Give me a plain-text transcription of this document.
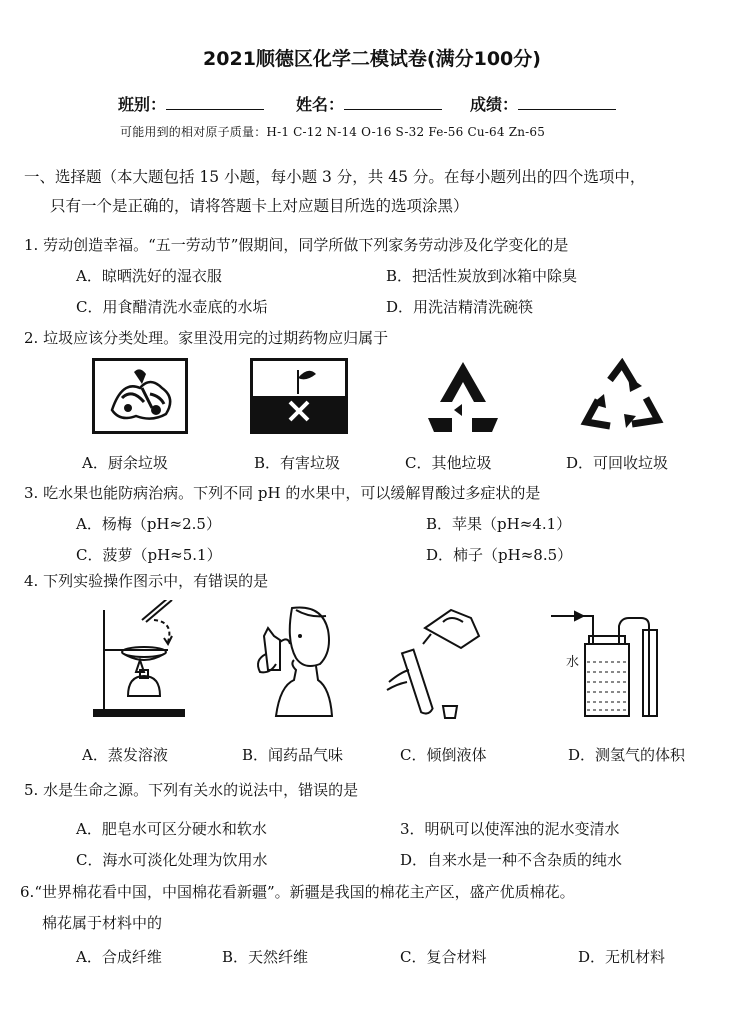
2021顺德区化学二模试卷(满分100分)
班别：	姓名：	成绩：
可能用到的相对原子质量：H-1 C-12 N-14 O-16 S-32 Fe-56 Cu-64 Zn-65
一、选择题（本大题包括 15 小题，每小题 3 分，共 45 分。在每小题列出的四个选项中，
只有一个是正确的，请将答题卡上对应题目所选的选项涂黑）
1. 劳动创造幸福。“五一劳动节”假期间，同学所做下列家务劳动涉及化学变化的是
A．晾晒洗好的湿衣服	B．把活性炭放到冰箱中除臭
C．用食醋清洗水壶底的水垢	D．用洗洁精清洗碗筷
2. 垃圾应该分类处理。家里没用完的过期药物应归属于
A．厨余垃圾	B．有害垃圾	C．其他垃圾	D．可回收垃圾
3. 吃水果也能防病治病。下列不同 pH 的水果中，可以缓解胃酸过多症状的是
A．杨梅（pH≈2.5）	B．苹果（pH≈4.1）
C．菠萝（pH≈5.1）	D．柿子（pH≈8.5）
4. 下列实验操作图示中，有错误的是
水
A．蒸发溶液	B．闻药品气味	C．倾倒液体	D．测氢气的体积
5. 水是生命之源。下列有关水的说法中，错误的是
A．肥皂水可区分硬水和软水	3．明矾可以使浑浊的泥水变清水
C．海水可淡化处理为饮用水	D．自来水是一种不含杂质的纯水
6.“世界棉花看中国，中国棉花看新疆”。新疆是我国的棉花主产区，盛产优质棉花。
棉花属于材料中的
A．合成纤维	B．天然纤维	C．复合材料	D．无机材料
